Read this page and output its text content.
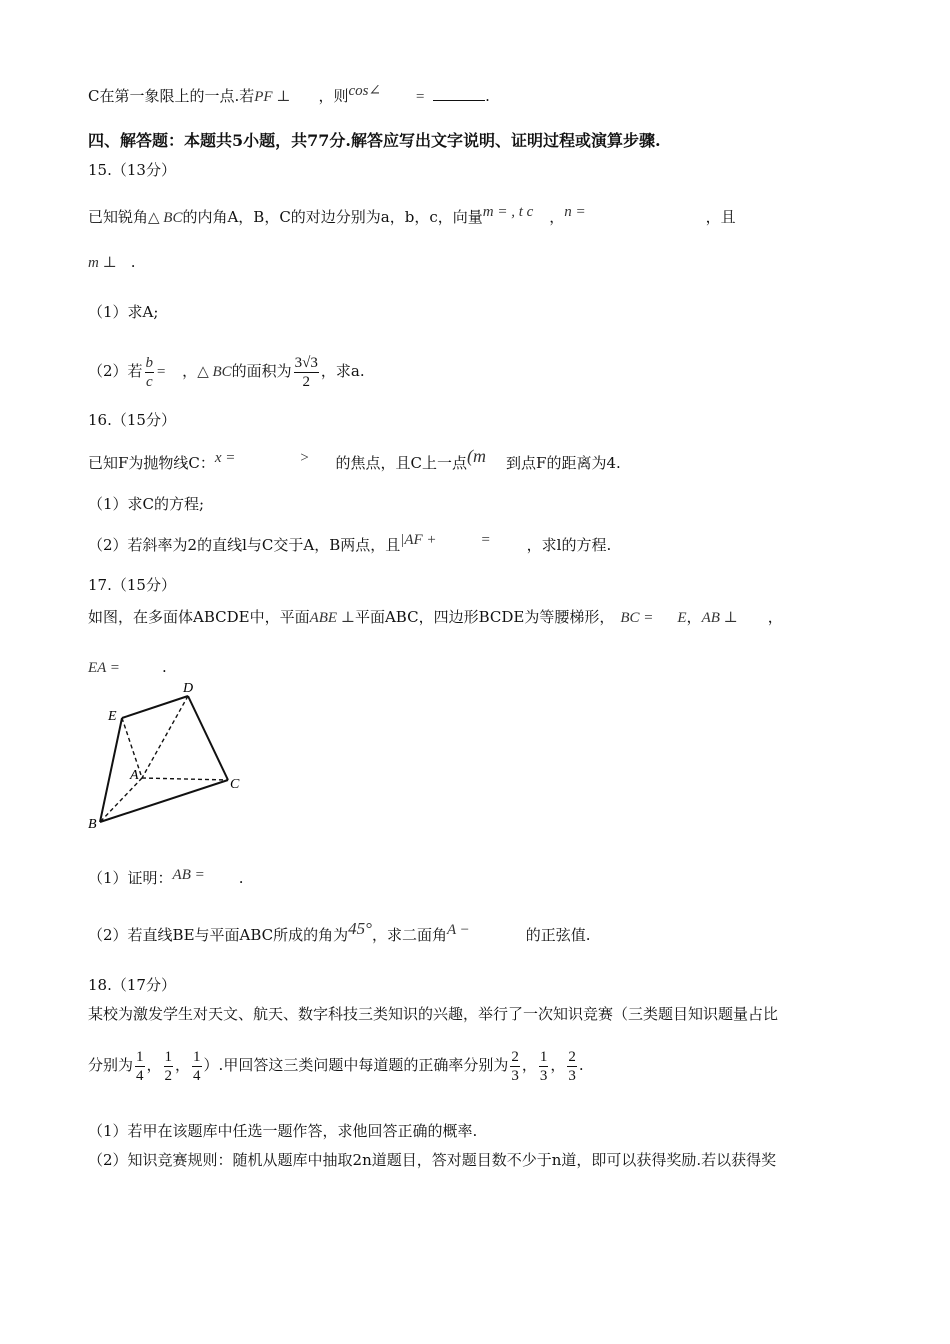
C在第一象限上的一点.若PF ⊥ ，则cos∠ =	.
四、解答题：本题共5小题，共77分.解答应写出文字说明、证明过程或演算步骤.
15.（13分）
已知锐角△ BC的内角A，B，C的对边分别为a，b，c，向量m = , t c ，n =	，且
m ⊥ .
（1）求A;
（2）若 $\frac{b}{c}$ = ，△ BC的面积为 $\frac{3√3}{2}$ ，求a.
16.（15分）
已知F为抛物线C：x =	> 的焦点，且C上一点(m 到点F的距离为4.
（1）求C的方程;
（2）若斜率为2的直线l与C交于A，B两点，且|AF +	= ，求l的方程.
17.（15分）
如图，在多面体ABCDE中，平面ABE ⊥平面ABC，四边形BCDE为等腰梯形， BC = E，AB ⊥ ，
EA =	.
E
D
A
C
B
（1）证明：AB = .
（2）若直线BE与平面ABC所成的角为45°，求二面角A −	的正弦值.
18.（17分）
某校为激发学生对天文、航天、数字科技三类知识的兴趣，举行了一次知识竞赛（三类题目知识题量占比
分别为 $\frac{1}{4}$ ， $\frac{1}{2}$ ， $\frac{1}{4}$ ）.甲回答这三类问题中每道题的正确率分别为 $\frac{2}{3}$ ， $\frac{1}{3}$ ， $\frac{2}{3}$ .
（1）若甲在该题库中任选一题作答，求他回答正确的概率.
（2）知识竞赛规则：随机从题库中抽取2n道题目，答对题目数不少于n道，即可以获得奖励.若以获得奖
